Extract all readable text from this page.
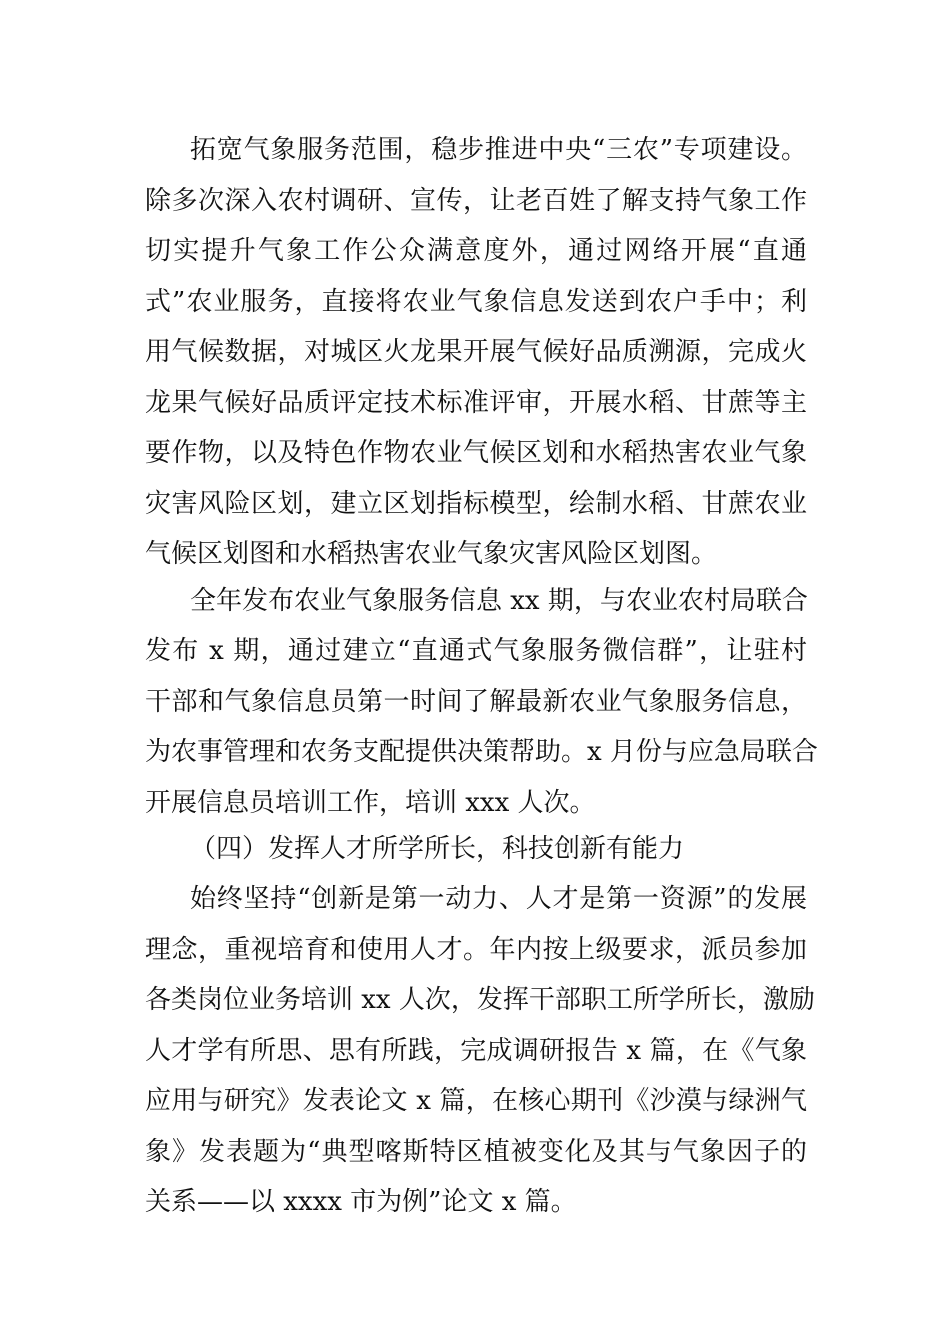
拓宽气象服务范围，稳步推进中央“三农”专项建设。
除多次深入农村调研、宣传，让老百姓了解支持气象工作
切实提升气象工作公众满意度外，通过网络开展“直通
式”农业服务，直接将农业气象信息发送到农户手中；利
用气候数据，对城区火龙果开展气候好品质溯源，完成火
龙果气候好品质评定技术标准评审，开展水稻、甘蔗等主
要作物，以及特色作物农业气候区划和水稻热害农业气象
灾害风险区划，建立区划指标模型，绘制水稻、甘蔗农业
气候区划图和水稻热害农业气象灾害风险区划图。
全年发布农业气象服务信息 xx 期，与农业农村局联合
发布 x 期，通过建立“直通式气象服务微信群”，让驻村
干部和气象信息员第一时间了解最新农业气象服务信息，
为农事管理和农务支配提供决策帮助。x 月份与应急局联合
开展信息员培训工作，培训 xxx 人次。
（四）发挥人才所学所长，科技创新有能力
始终坚持“创新是第一动力、人才是第一资源”的发展
理念，重视培育和使用人才。年内按上级要求，派员参加
各类岗位业务培训 xx 人次，发挥干部职工所学所长，激励
人才学有所思、思有所践，完成调研报告 x 篇，在《气象
应用与研究》发表论文 x 篇，在核心期刊《沙漠与绿洲气
象》发表题为“典型喀斯特区植被变化及其与气象因子的
关系——以 xxxx 市为例”论文 x 篇。
